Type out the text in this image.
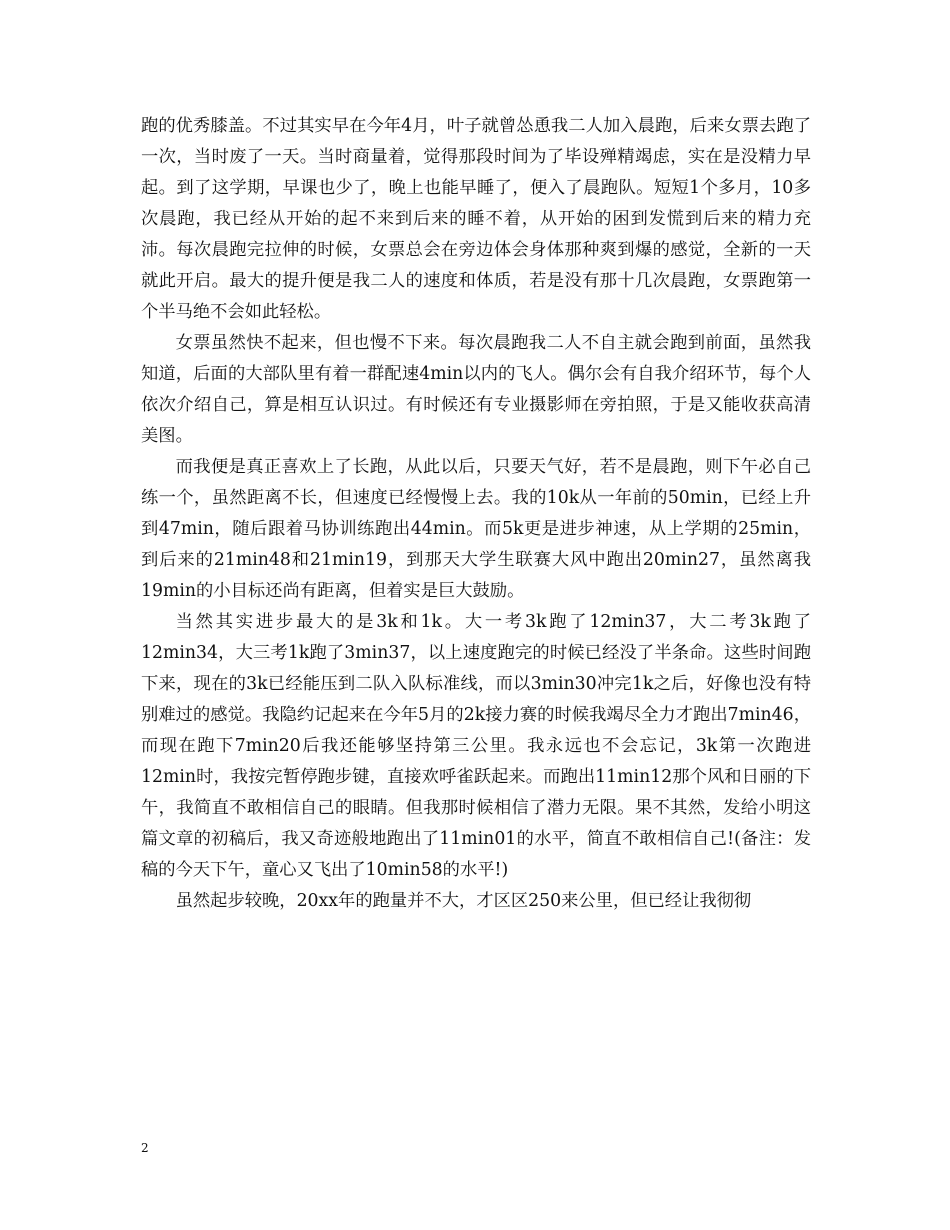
跑的优秀膝盖。不过其实早在今年4月，叶子就曾怂恿我二人加入晨跑，后来女票去跑了一次，当时废了一天。当时商量着，觉得那段时间为了毕设殚精竭虑，实在是没精力早起。到了这学期，早课也少了，晚上也能早睡了，便入了晨跑队。短短1个多月，10多次晨跑，我已经从开始的起不来到后来的睡不着，从开始的困到发慌到后来的精力充沛。每次晨跑完拉伸的时候，女票总会在旁边体会身体那种爽到爆的感觉，全新的一天就此开启。最大的提升便是我二人的速度和体质，若是没有那十几次晨跑，女票跑第一个半马绝不会如此轻松。

女票虽然快不起来，但也慢不下来。每次晨跑我二人不自主就会跑到前面，虽然我知道，后面的大部队里有着一群配速4min以内的飞人。偶尔会有自我介绍环节，每个人依次介绍自己，算是相互认识过。有时候还有专业摄影师在旁拍照，于是又能收获高清美图。

而我便是真正喜欢上了长跑，从此以后，只要天气好，若不是晨跑，则下午必自己练一个，虽然距离不长，但速度已经慢慢上去。我的10k从一年前的50min，已经上升到47min，随后跟着马协训练跑出44min。而5k更是进步神速，从上学期的25min，到后来的21min48和21min19，到那天大学生联赛大风中跑出20min27，虽然离我19min的小目标还尚有距离，但着实是巨大鼓励。

当然其实进步最大的是3k和1k。大一考3k跑了12min37，大二考3k跑了12min34，大三考1k跑了3min37，以上速度跑完的时候已经没了半条命。这些时间跑下来，现在的3k已经能压到二队入队标准线，而以3min30冲完1k之后，好像也没有特别难过的感觉。我隐约记起来在今年5月的2k接力赛的时候我竭尽全力才跑出7min46，而现在跑下7min20后我还能够坚持第三公里。我永远也不会忘记，3k第一次跑进12min时，我按完暂停跑步键，直接欢呼雀跃起来。而跑出11min12那个风和日丽的下午，我简直不敢相信自己的眼睛。但我那时候相信了潜力无限。果不其然，发给小明这篇文章的初稿后，我又奇迹般地跑出了11min01的水平，简直不敢相信自己!(备注：发稿的今天下午，童心又飞出了10min58的水平!)

虽然起步较晚，20xx年的跑量并不大，才区区250来公里，但已经让我彻彻

2
